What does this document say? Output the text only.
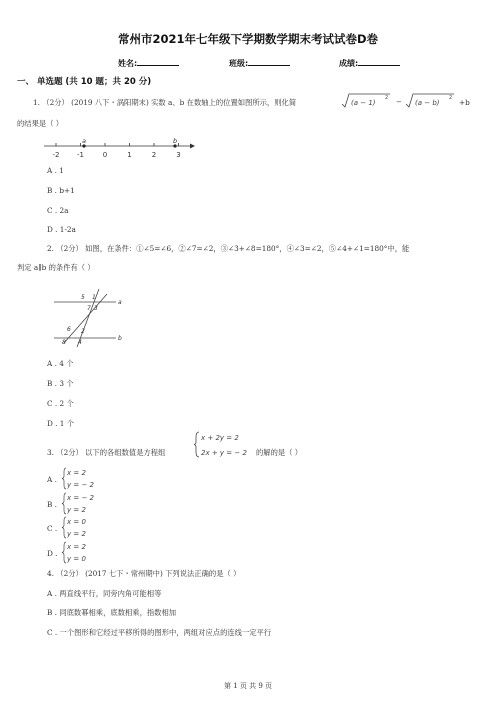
常州市2021年七年级下学期数学期末考试试卷D卷
姓名:	班级:	成绩:
一、 单选题 (共 10 题；共 20 分)
1. （2分） (2019 八下・涡阳期末) 实数 a、b 在数轴上的位置如图所示，则化简	(a − 1)
2 − (a − b)
2 +b
的结果是（ ）
-2	-1	0	1	2	3
a	b
A . 1
B . b+1
C . 2a
D . 1-2a
2. （2分） 如图，在条件：①∠5=∠6，②∠7=∠2，③∠3+∠8=180°，④∠3=∠2，⑤∠4+∠1=180°中，能
判定 a∥b 的条件有（ ）
5 1
7 3
6 2
8 4
a
b
A . 4 个
B . 3 个
C . 2 个
D . 1 个
3. （2分） 以下的各组数值是方程组
x + 2y = 2
2x + y = − 2 的解的是（ ）
A .
x = 2
y = − 2
B .
x = − 2
y = 2
C .
x = 0
y = 2
D .
x = 2
y = 0
4. （2分） (2017 七下・常州期中) 下列说法正确的是（ ）
A . 两直线平行，同旁内角可能相等
B . 同底数幂相乘，底数相乘，指数相加
C . 一个图形和它经过平移所得的图形中，两组对应点的连线一定平行
第 1 页 共 9 页
